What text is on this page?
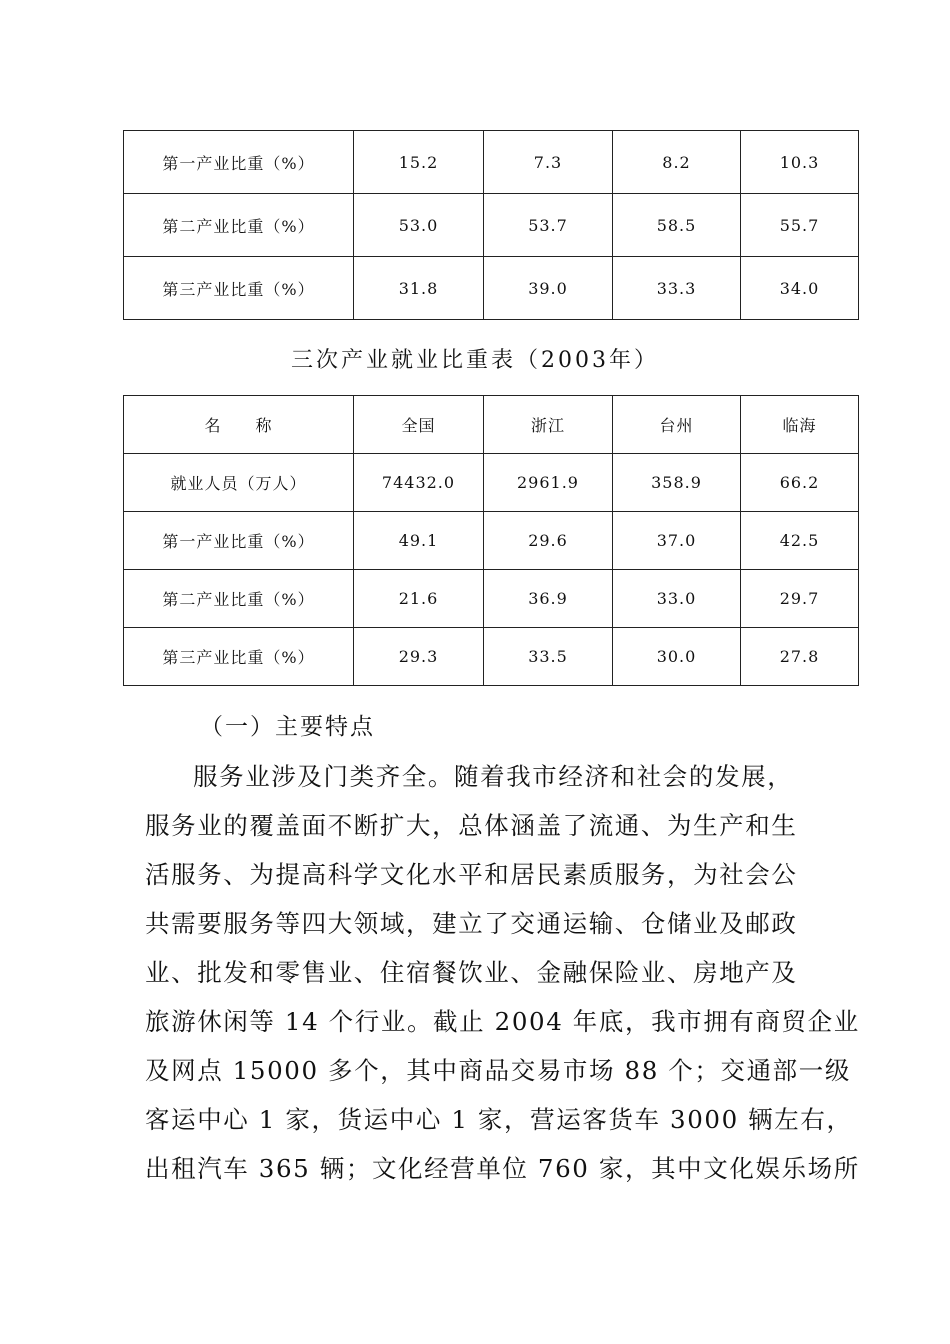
第一产业比重（%）	15.2	7.3	8.2	10.3
第二产业比重（%）	53.0	53.7	58.5	55.7
第三产业比重（%）	31.8	39.0	33.3	34.0
三次产业就业比重表（2003年）
名　　称	全国	浙江	台州	临海
就业人员（万人）	74432.0	2961.9	358.9	66.2
第一产业比重（%）	49.1	29.6	37.0	42.5
第二产业比重（%）	21.6	36.9	33.0	29.7
第三产业比重（%）	29.3	33.5	30.0	27.8
（一）主要特点
服务业涉及门类齐全。随着我市经济和社会的发展，
服务业的覆盖面不断扩大，总体涵盖了流通、为生产和生
活服务、为提高科学文化水平和居民素质服务，为社会公
共需要服务等四大领域，建立了交通运输、仓储业及邮政
业、批发和零售业、住宿餐饮业、金融保险业、房地产及
旅游休闲等 14 个行业。截止 2004 年底，我市拥有商贸企业
及网点 15000 多个，其中商品交易市场 88 个；交通部一级
客运中心 1 家，货运中心 1 家，营运客货车 3000 辆左右，
出租汽车 365 辆；文化经营单位 760 家，其中文化娱乐场所
